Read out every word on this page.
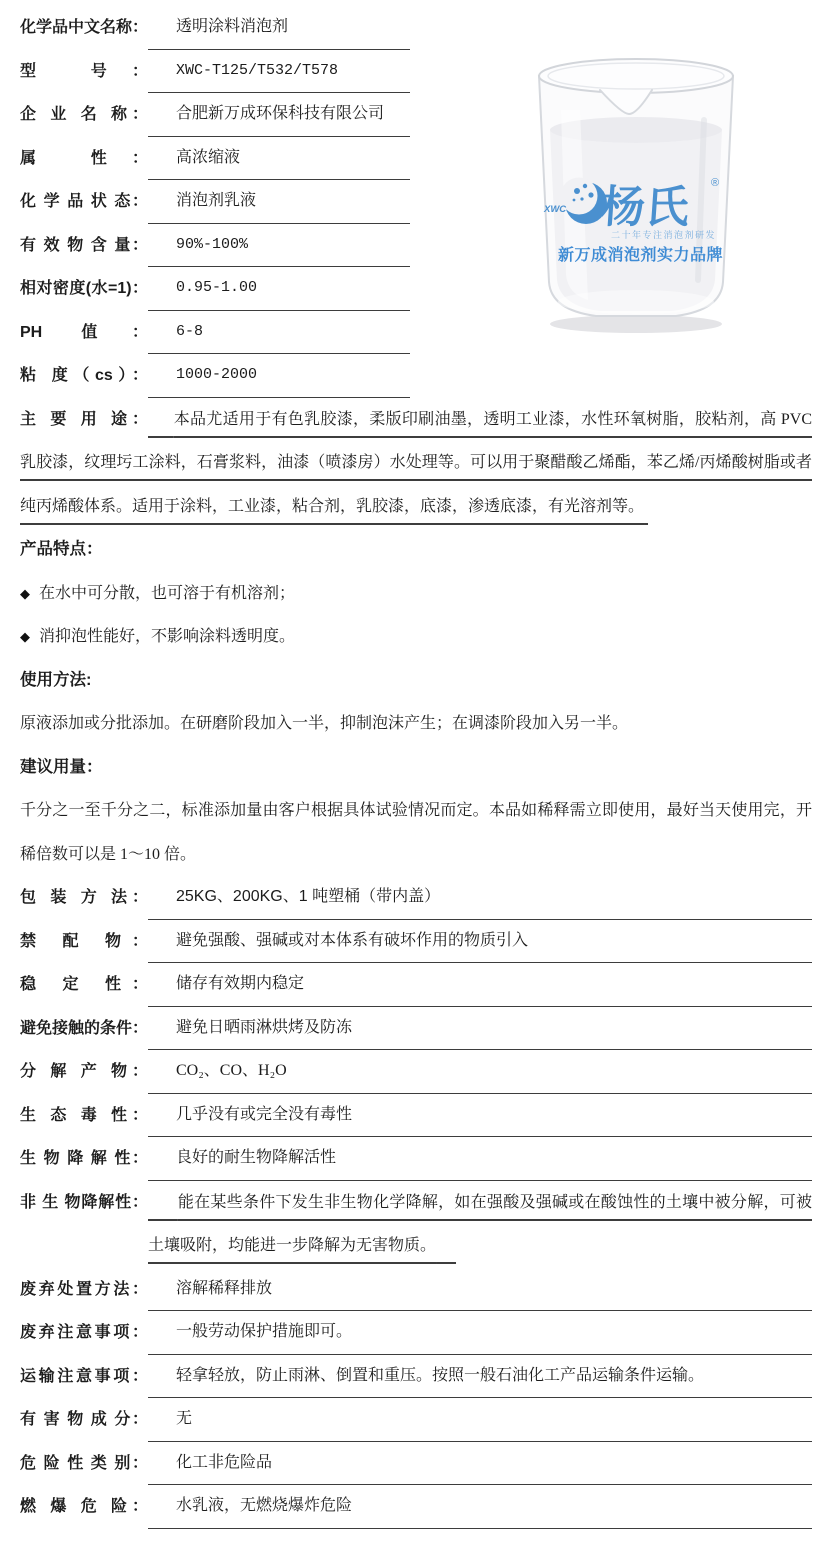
化学品中文名称：	透明涂料消泡剂
型 号：	XWC-T125/T532/T578
企 业 名 称：	合肥新万成环保科技有限公司
属 性：	高浓缩液
化 学 品 状 态：	消泡剂乳液
有 效 物 含 量：	90%-100%
相对密度(水=1)：	0.95-1.00
PH 值：	6-8
粘 度（cs）：	1000-2000
主 要 用 途： 本品尤适用于有色乳胶漆，柔版印刷油墨，透明工业漆，水性环氧树脂，胶粘剂，高 PVC 乳胶漆，纹理圬工涂料，石膏浆料，油漆（喷漆房）水处理等。可以用于聚醋酸乙烯酯，苯乙烯/丙烯酸树脂或者纯丙烯酸体系。适用于涂料，工业漆，粘合剂，乳胶漆，底漆，渗透底漆，有光溶剂等。
产品特点：
◆ 在水中可分散，也可溶于有机溶剂；
◆ 消抑泡性能好，不影响涂料透明度。
使用方法:
原液添加或分批添加。在研磨阶段加入一半，抑制泡沫产生；在调漆阶段加入另一半。
建议用量：
千分之一至千分之二，标准添加量由客户根据具体试验情况而定。本品如稀释需立即使用，最好当天使用完，开稀倍数可以是 1～10 倍。
包 装 方 法：	25KG、200KG、1 吨塑桶（带内盖）
禁 配 物：	避免强酸、强碱或对本体系有破坏作用的物质引入
稳 定 性：	储存有效期内稳定
避免接触的条件：	避免日晒雨淋烘烤及防冻
分 解 产 物：	CO₂、CO、H₂O
生 态 毒 性：	几乎没有或完全没有毒性
生 物 降 解 性：	良好的耐生物降解活性
非 生 物降解性：	能在某些条件下发生非生物化学降解，如在强酸及强碱或在酸蚀性的土壤中被分解，可被土壤吸附，均能进一步降解为无害物质。
废弃处置方法：	溶解稀释排放
废弃注意事项：	一般劳动保护措施即可。
运输注意事项：	轻拿轻放，防止雨淋、倒置和重压。按照一般石油化工产品运输条件运输。
有 害 物 成 分：	无
危 险 性 类 别：	化工非危险品
燃 爆 危 险：	水乳液，无燃烧爆炸危险
XWC 杨氏
®
二十年专注消泡剂研发
新万成消泡剂实力品牌
